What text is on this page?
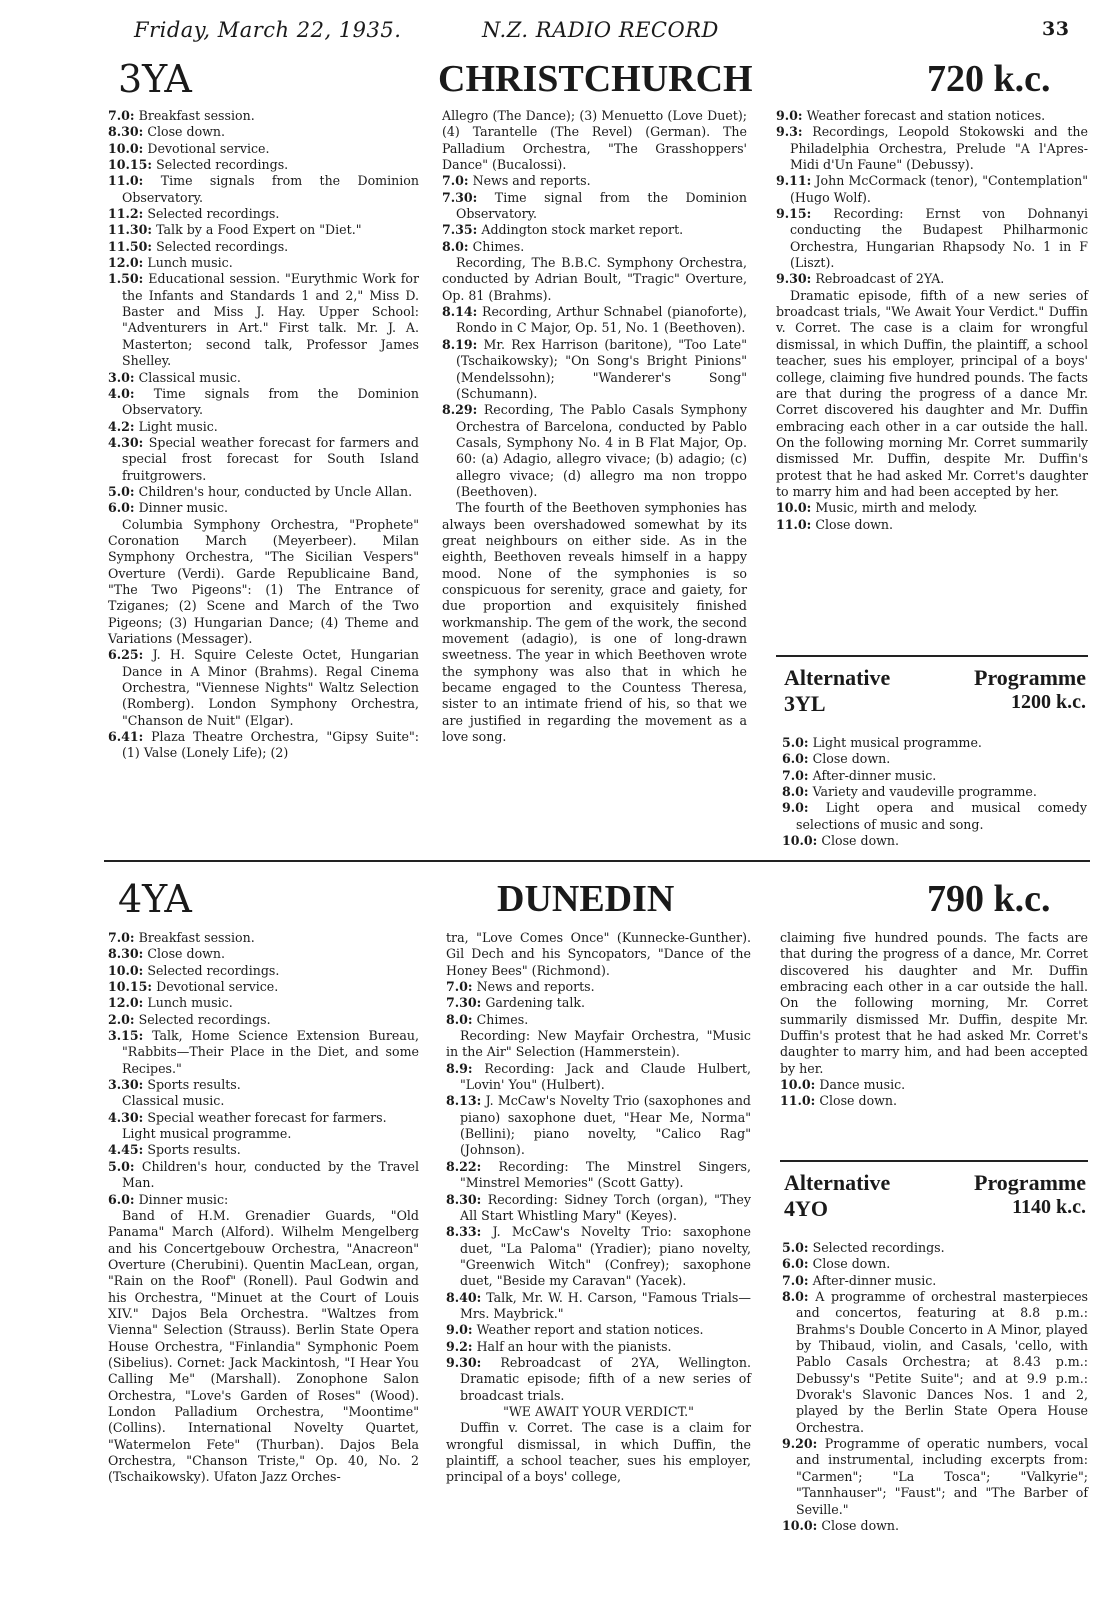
Friday, March 22, 1935.	N.Z. RADIO RECORD	33
3YA	CHRISTCHURCH	720 k.c.

7.0: Breakfast session.

8.30: Close down.

10.0: Devotional service.

10.15: Selected recordings.

11.0: Time signals from the Dominion Observatory.

11.2: Selected recordings.

11.30: Talk by a Food Expert on "Diet."

11.50: Selected recordings.

12.0: Lunch music.

1.50: Educational session. "Eurythmic Work for the Infants and Standards 1 and 2," Miss D. Baster and Miss J. Hay. Upper School: "Adventurers in Art." First talk. Mr. J. A. Masterton; second talk, Professor James Shelley.

3.0: Classical music.

4.0: Time signals from the Dominion Observatory.

4.2: Light music.

4.30: Special weather forecast for farmers and special frost forecast for South Island fruitgrowers.

5.0: Children's hour, conducted by Uncle Allan.

6.0: Dinner music.

Columbia Symphony Orchestra, "Prophete" Coronation March (Meyerbeer). Milan Symphony Orchestra, "The Sicilian Vespers" Overture (Verdi). Garde Republicaine Band, "The Two Pigeons": (1) The Entrance of Tziganes; (2) Scene and March of the Two Pigeons; (3) Hungarian Dance; (4) Theme and Variations (Messager).

6.25: J. H. Squire Celeste Octet, Hungarian Dance in A Minor (Brahms). Regal Cinema Orchestra, "Viennese Nights" Waltz Selection (Romberg). London Symphony Orchestra, "Chanson de Nuit" (Elgar).

6.41: Plaza Theatre Orchestra, "Gipsy Suite": (1) Valse (Lonely Life); (2)

Allegro (The Dance); (3) Menuetto (Love Duet); (4) Tarantelle (The Revel) (German). The Palladium Orchestra, "The Grasshoppers' Dance" (Bucalossi).

7.0: News and reports.

7.30: Time signal from the Dominion Observatory.

7.35: Addington stock market report.

8.0: Chimes.

Recording, The B.B.C. Symphony Orchestra, conducted by Adrian Boult, "Tragic" Overture, Op. 81 (Brahms).

8.14: Recording, Arthur Schnabel (pianoforte), Rondo in C Major, Op. 51, No. 1 (Beethoven).

8.19: Mr. Rex Harrison (baritone), "Too Late" (Tschaikowsky); "On Song's Bright Pinions" (Mendelssohn); "Wanderer's Song" (Schumann).

8.29: Recording, The Pablo Casals Symphony Orchestra of Barcelona, conducted by Pablo Casals, Symphony No. 4 in B Flat Major, Op. 60: (a) Adagio, allegro vivace; (b) adagio; (c) allegro vivace; (d) allegro ma non troppo (Beethoven).

The fourth of the Beethoven symphonies has always been overshadowed somewhat by its great neighbours on either side. As in the eighth, Beethoven reveals himself in a happy mood. None of the symphonies is so conspicuous for serenity, grace and gaiety, for due proportion and exquisitely finished workmanship. The gem of the work, the second movement (adagio), is one of long-drawn sweetness. The year in which Beethoven wrote the symphony was also that in which he became engaged to the Countess Theresa, sister to an intimate friend of his, so that we are justified in regarding the movement as a love song.

9.0: Weather forecast and station notices.

9.3: Recordings, Leopold Stokowski and the Philadelphia Orchestra, Prelude "A l'Apres-Midi d'Un Faune" (Debussy).

9.11: John McCormack (tenor), "Contemplation" (Hugo Wolf).

9.15: Recording: Ernst von Dohnanyi conducting the Budapest Philharmonic Orchestra, Hungarian Rhapsody No. 1 in F (Liszt).

9.30: Rebroadcast of 2YA.

Dramatic episode, fifth of a new series of broadcast trials, "We Await Your Verdict." Duffin v. Corret. The case is a claim for wrongful dismissal, in which Duffin, the plaintiff, a school teacher, sues his employer, principal of a boys' college, claiming five hundred pounds. The facts are that during the progress of a dance Mr. Corret discovered his daughter and Mr. Duffin embracing each other in a car outside the hall. On the following morning Mr. Corret summarily dismissed Mr. Duffin, despite Mr. Duffin's protest that he had asked Mr. Corret's daughter to marry him and had been accepted by her.

10.0: Music, mirth and melody.

11.0: Close down.

Alternative	Programme
3YL	1200 k.c.

5.0: Light musical programme.

6.0: Close down.

7.0: After-dinner music.

8.0: Variety and vaudeville programme.

9.0: Light opera and musical comedy selections of music and song.

10.0: Close down.

4YA	DUNEDIN	790 k.c.

7.0: Breakfast session.

8.30: Close down.

10.0: Selected recordings.

10.15: Devotional service.

12.0: Lunch music.

2.0: Selected recordings.

3.15: Talk, Home Science Extension Bureau, "Rabbits—Their Place in the Diet, and some Recipes."

3.30: Sports results.

Classical music.

4.30: Special weather forecast for farmers.

Light musical programme.

4.45: Sports results.

5.0: Children's hour, conducted by the Travel Man.

6.0: Dinner music:

Band of H.M. Grenadier Guards, "Old Panama" March (Alford). Wilhelm Mengelberg and his Concertgebouw Orchestra, "Anacreon" Overture (Cherubini). Quentin MacLean, organ, "Rain on the Roof" (Ronell). Paul Godwin and his Orchestra, "Minuet at the Court of Louis XIV." Dajos Bela Orchestra. "Waltzes from Vienna" Selection (Strauss). Berlin State Opera House Orchestra, "Finlandia" Symphonic Poem (Sibelius). Cornet: Jack Mackintosh, "I Hear You Calling Me" (Marshall). Zonophone Salon Orchestra, "Love's Garden of Roses" (Wood). London Palladium Orchestra, "Moontime" (Collins). International Novelty Quartet, "Watermelon Fete" (Thurban). Dajos Bela Orchestra, "Chanson Triste," Op. 40, No. 2 (Tschaikowsky). Ufaton Jazz Orches-

tra, "Love Comes Once" (Kunnecke-Gunther). Gil Dech and his Syncopators, "Dance of the Honey Bees" (Richmond).

7.0: News and reports.

7.30: Gardening talk.

8.0: Chimes.

Recording: New Mayfair Orchestra, "Music in the Air" Selection (Hammerstein).

8.9: Recording: Jack and Claude Hulbert, "Lovin' You" (Hulbert).

8.13: J. McCaw's Novelty Trio (saxophones and piano) saxophone duet, "Hear Me, Norma" (Bellini); piano novelty, "Calico Rag" (Johnson).

8.22: Recording: The Minstrel Singers, "Minstrel Memories" (Scott Gatty).

8.30: Recording: Sidney Torch (organ), "They All Start Whistling Mary" (Keyes).

8.33: J. McCaw's Novelty Trio: saxophone duet, "La Paloma" (Yradier); piano novelty, "Greenwich Witch" (Confrey); saxophone duet, "Beside my Caravan" (Yacek).

8.40: Talk, Mr. W. H. Carson, "Famous Trials—Mrs. Maybrick."

9.0: Weather report and station notices.

9.2: Half an hour with the pianists.

9.30: Rebroadcast of 2YA, Wellington. Dramatic episode; fifth of a new series of broadcast trials.

"WE AWAIT YOUR VERDICT."

Duffin v. Corret. The case is a claim for wrongful dismissal, in which Duffin, the plaintiff, a school teacher, sues his employer, principal of a boys' college,

claiming five hundred pounds. The facts are that during the progress of a dance, Mr. Corret discovered his daughter and Mr. Duffin embracing each other in a car outside the hall. On the following morning, Mr. Corret summarily dismissed Mr. Duffin, despite Mr. Duffin's protest that he had asked Mr. Corret's daughter to marry him, and had been accepted by her.

10.0: Dance music.

11.0: Close down.

Alternative	Programme
4YO	1140 k.c.

5.0: Selected recordings.

6.0: Close down.

7.0: After-dinner music.

8.0: A programme of orchestral masterpieces and concertos, featuring at 8.8 p.m.: Brahms's Double Concerto in A Minor, played by Thibaud, violin, and Casals, 'cello, with Pablo Casals Orchestra; at 8.43 p.m.: Debussy's "Petite Suite"; and at 9.9 p.m.: Dvorak's Slavonic Dances Nos. 1 and 2, played by the Berlin State Opera House Orchestra.

9.20: Programme of operatic numbers, vocal and instrumental, including excerpts from: "Carmen"; "La Tosca"; "Valkyrie"; "Tannhauser"; "Faust"; and "The Barber of Seville."

10.0: Close down.
